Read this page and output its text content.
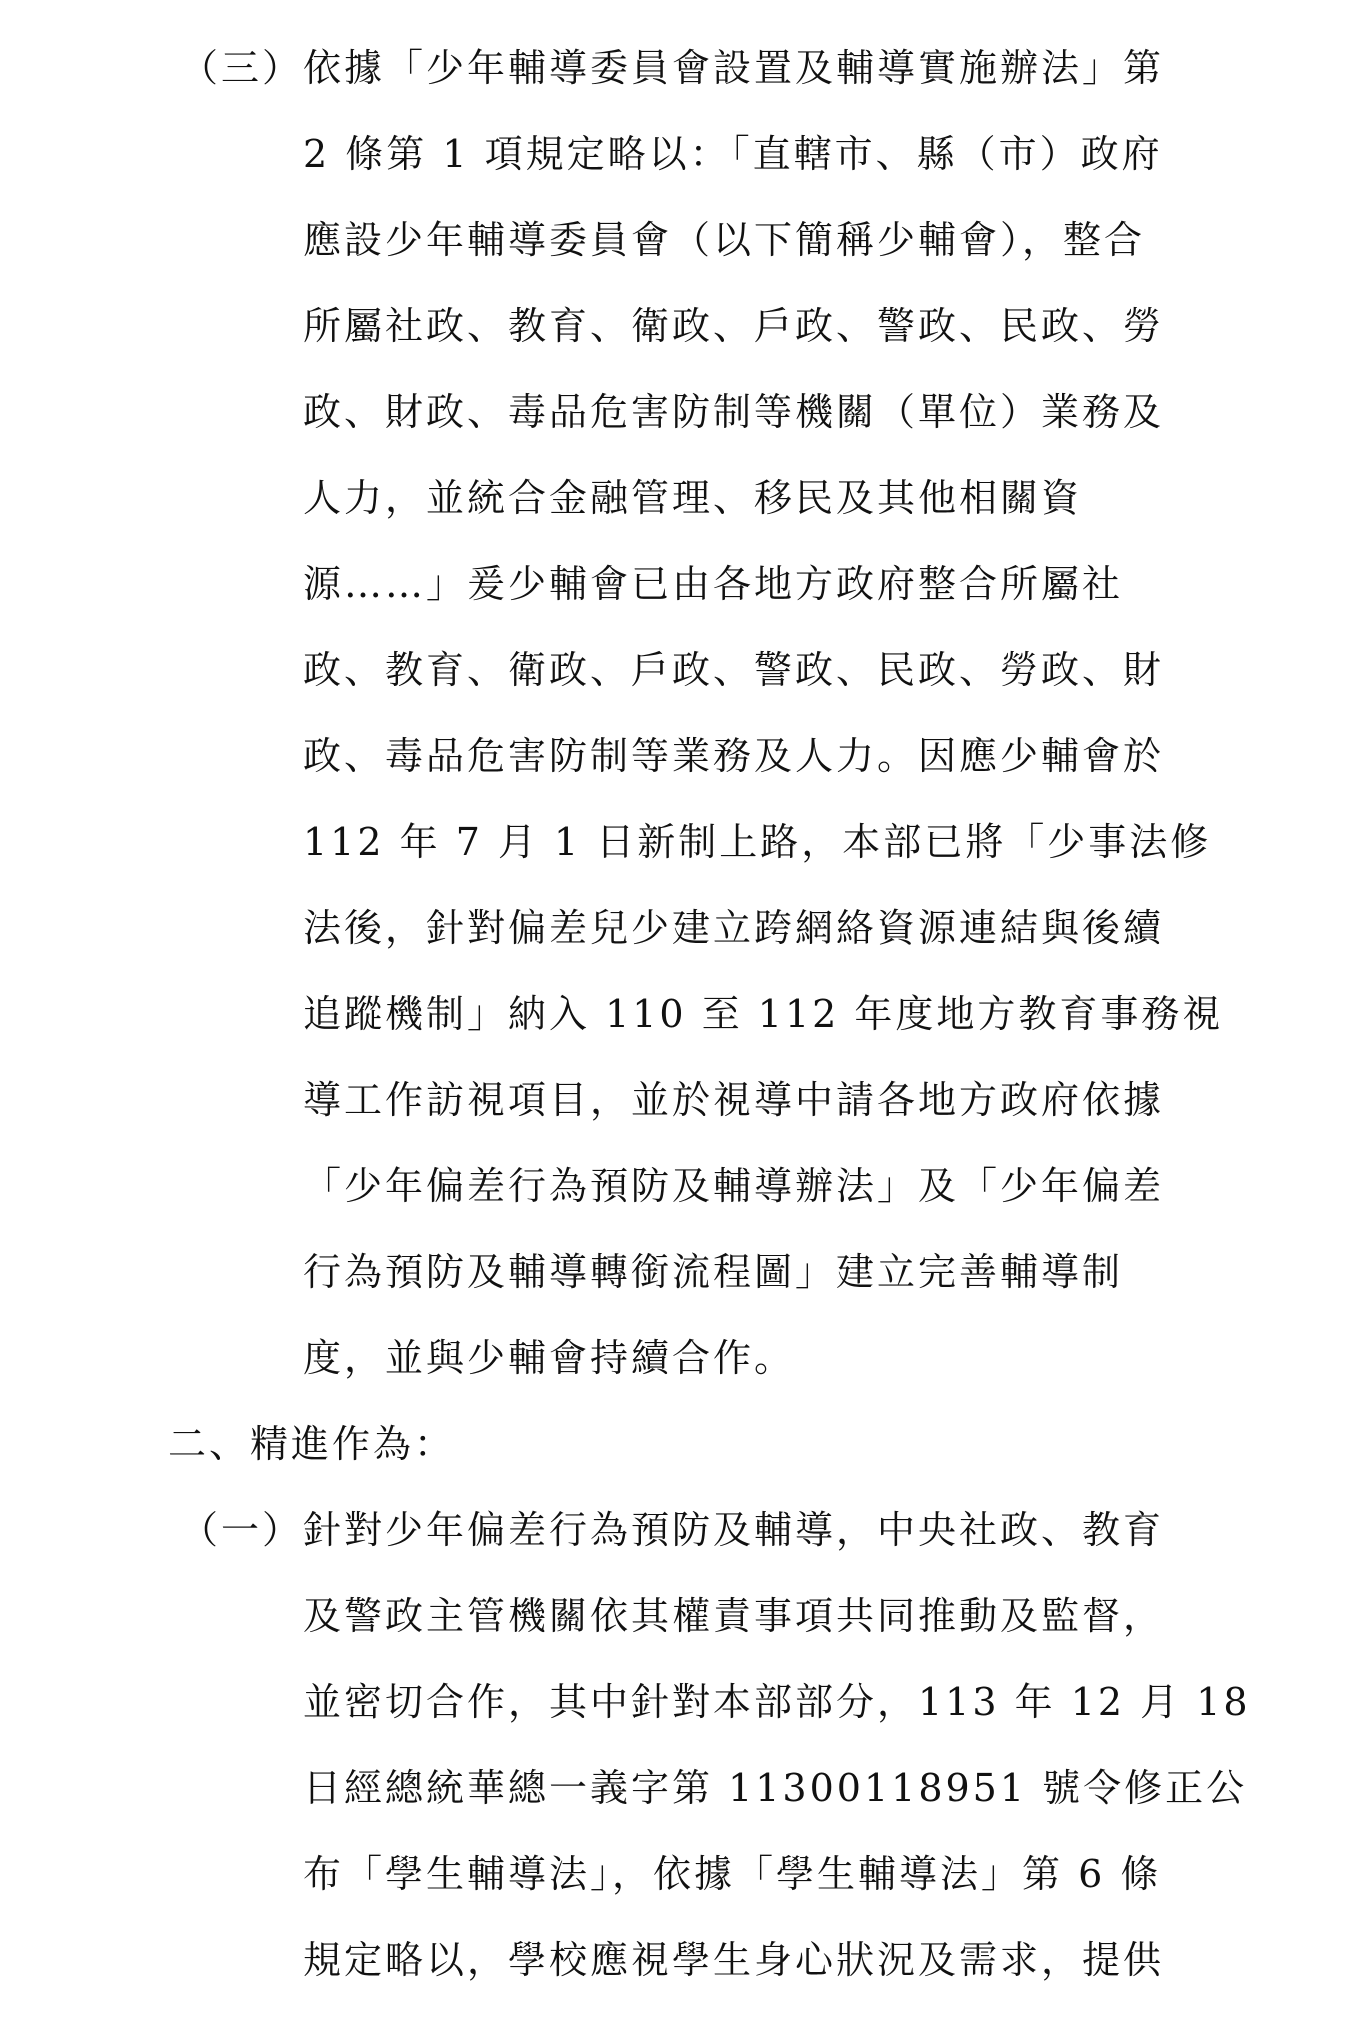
（三） 依據「少年輔導委員會設置及輔導實施辦法」第
2 條第 1 項規定略以：「直轄市、縣（市）政府
應設少年輔導委員會（以下簡稱少輔會），整合
所屬社政、教育、衛政、戶政、警政、民政、勞
政、財政、毒品危害防制等機關（單位）業務及
人力，並統合金融管理、移民及其他相關資
源……」爰少輔會已由各地方政府整合所屬社
政、教育、衛政、戶政、警政、民政、勞政、財
政、毒品危害防制等業務及人力。因應少輔會於
112 年 7 月 1 日新制上路，本部已將「少事法修
法後，針對偏差兒少建立跨網絡資源連結與後續
追蹤機制」納入 110 至 112 年度地方教育事務視
導工作訪視項目，並於視導中請各地方政府依據
「少年偏差行為預防及輔導辦法」及「少年偏差
行為預防及輔導轉銜流程圖」建立完善輔導制
度，並與少輔會持續合作。
二、精進作為：
（一） 針對少年偏差行為預防及輔導，中央社政、教育
及警政主管機關依其權責事項共同推動及監督，
並密切合作，其中針對本部部分，113 年 12 月 18
日經總統華總一義字第 11300118951 號令修正公
布「學生輔導法」，依據「學生輔導法」第 6 條
規定略以，學校應視學生身心狀況及需求，提供
